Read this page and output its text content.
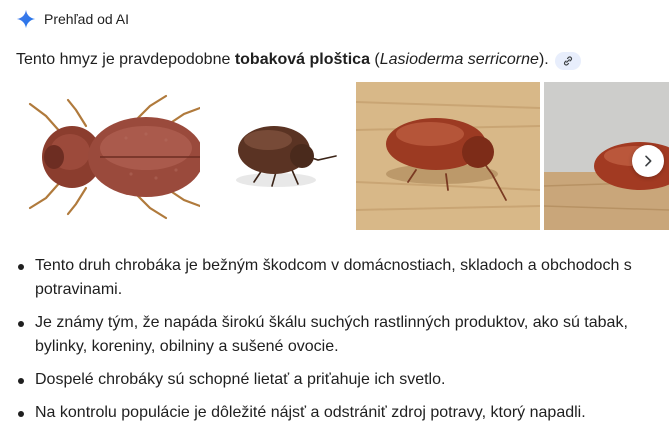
Prehľad od AI
Tento hmyz je pravdepodobne tobaková ploštica (Lasioderma serricorne).
Tento druh chrobáka je bežným škodcom v domácnostiach, skladoch a obchodoch s potravinami.
Je známy tým, že napáda širokú škálu suchých rastlinných produktov, ako sú tabak, bylinky, koreniny, obilniny a sušené ovocie.
Dospelé chrobáky sú schopné lietať a priťahuje ich svetlo.
Na kontrolu populácie je dôležité nájsť a odstrániť zdroj potravy, ktorý napadli.
